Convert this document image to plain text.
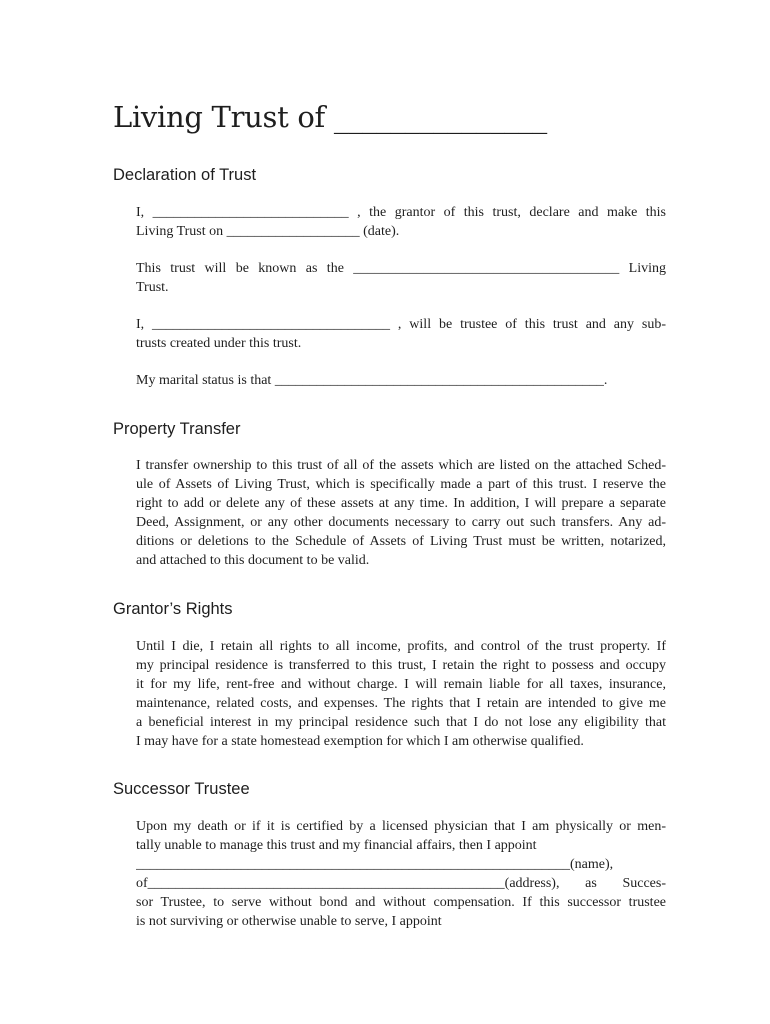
Living Trust of _______________
Declaration of Trust
I, ____________________________ , the grantor of this trust, declare and make this
Living Trust on ___________________ (date).
This trust will be known as the ______________________________________ Living
Trust.
I, __________________________________ , will be trustee of this trust and any sub-
trusts created under this trust.
My marital status is that _______________________________________________.
Property Transfer
I transfer ownership to this trust of all of the assets which are listed on the attached Sched-
ule of Assets of Living Trust, which is specifically made a part of this trust. I reserve the
right to add or delete any of these assets at any time. In addition, I will prepare a separate
Deed, Assignment, or any other documents necessary to carry out such transfers. Any ad-
ditions or deletions to the Schedule of Assets of Living Trust must be written, notarized,
and attached to this document to be valid.
Grantor’s Rights
Until I die, I retain all rights to all income, profits, and control of the trust property. If
my principal residence is transferred to this trust, I retain the right to possess and occupy
it for my life, rent-free and without charge. I will remain liable for all taxes, insurance,
maintenance, related costs, and expenses. The rights that I retain are intended to give me
a beneficial interest in my principal residence such that I do not lose any eligibility that
I may have for a state homestead exemption for which I am otherwise qualified.
Successor Trustee
Upon my death or if it is certified by a licensed physician that I am physically or men-
tally unable to manage this trust and my financial affairs, then I appoint
______________________________________________________________(name),
of___________________________________________________(address), as Succes-
sor Trustee, to serve without bond and without compensation. If this successor trustee
is not surviving or otherwise unable to serve, I appoint
